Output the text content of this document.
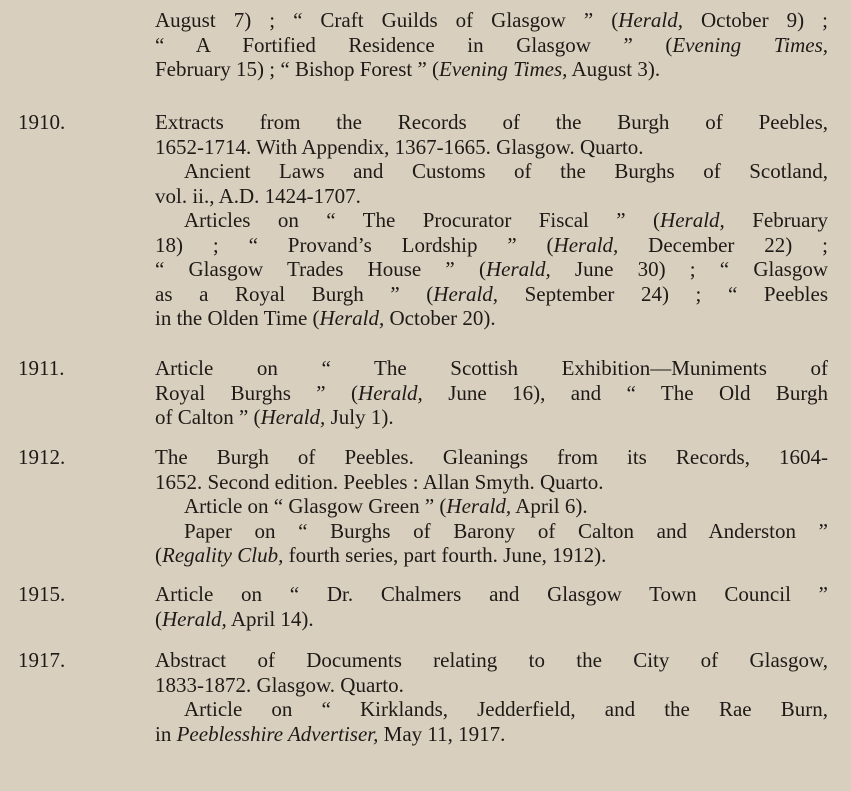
August 7) ; “ Craft Guilds of Glasgow ” (Herald, October 9) ;
“ A Fortified Residence in Glasgow ” (Evening Times,
February 15) ; “ Bishop Forest ” (Evening Times, August 3).
1910.	Extracts from the Records of the Burgh of Peebles,
1652-1714. With Appendix, 1367-1665. Glasgow. Quarto.
Ancient Laws and Customs of the Burghs of Scotland,
vol. ii., A.D. 1424-1707.
Articles on “ The Procurator Fiscal ” (Herald, February
18) ; “ Provand’s Lordship ” (Herald, December 22) ;
“ Glasgow Trades House ” (Herald, June 30) ; “ Glasgow
as a Royal Burgh ” (Herald, September 24) ; “ Peebles
in the Olden Time (Herald, October 20).
1911.	Article on “ The Scottish Exhibition—Muniments of
Royal Burghs ” (Herald, June 16), and “ The Old Burgh
of Calton ” (Herald, July 1).
1912.	The Burgh of Peebles. Gleanings from its Records, 1604-
1652. Second edition. Peebles : Allan Smyth. Quarto.
Article on “ Glasgow Green ” (Herald, April 6).
Paper on “ Burghs of Barony of Calton and Anderston ”
(Regality Club, fourth series, part fourth. June, 1912).
1915.	Article on “ Dr. Chalmers and Glasgow Town Council ”
(Herald, April 14).
1917.	Abstract of Documents relating to the City of Glasgow,
1833-1872. Glasgow. Quarto.
Article on “ Kirklands, Jedderfield, and the Rae Burn,
in Peeblesshire Advertiser, May 11, 1917.
